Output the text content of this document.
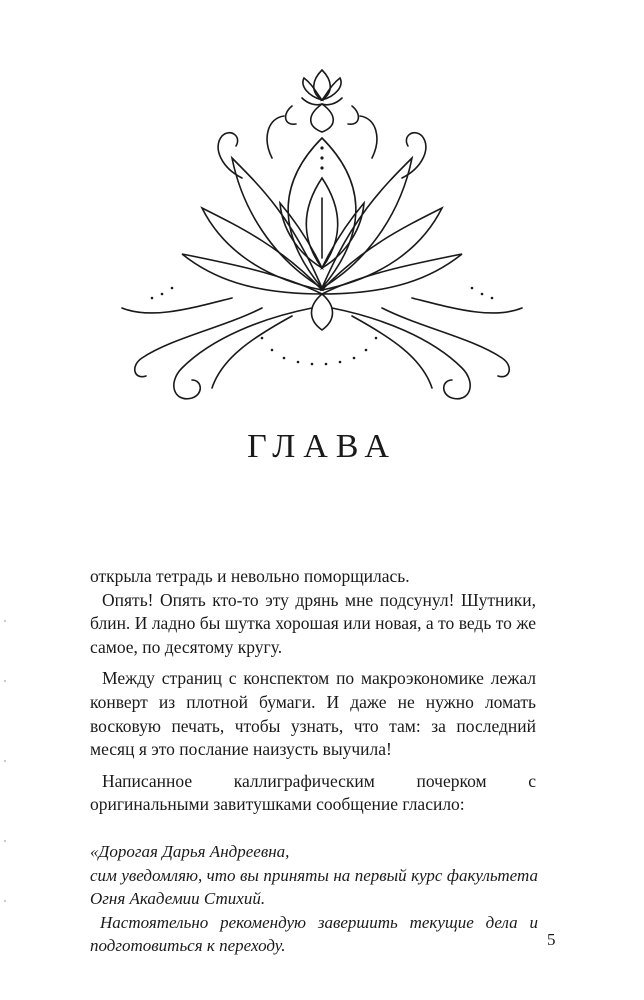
ГЛАВА

открыла тетрадь и невольно поморщилась.

Опять! Опять кто-то эту дрянь мне подсунул! Шутники, блин. И ладно бы шутка хорошая или новая, а то ведь то же самое, по десятому кругу.

Между страниц с конспектом по макроэкономике лежал конверт из плотной бумаги. И даже не нужно ломать восковую печать, чтобы узнать, что там: за последний месяц я это послание наизусть выучила!

Написанное каллиграфическим почерком с оригинальными завитушками сообщение гласило:

«Дорогая Дарья Андреевна,

сим уведомляю, что вы приняты на первый курс факультета Огня Академии Стихий.

Настоятельно рекомендую завершить текущие дела и подготовиться к переходу.	5
